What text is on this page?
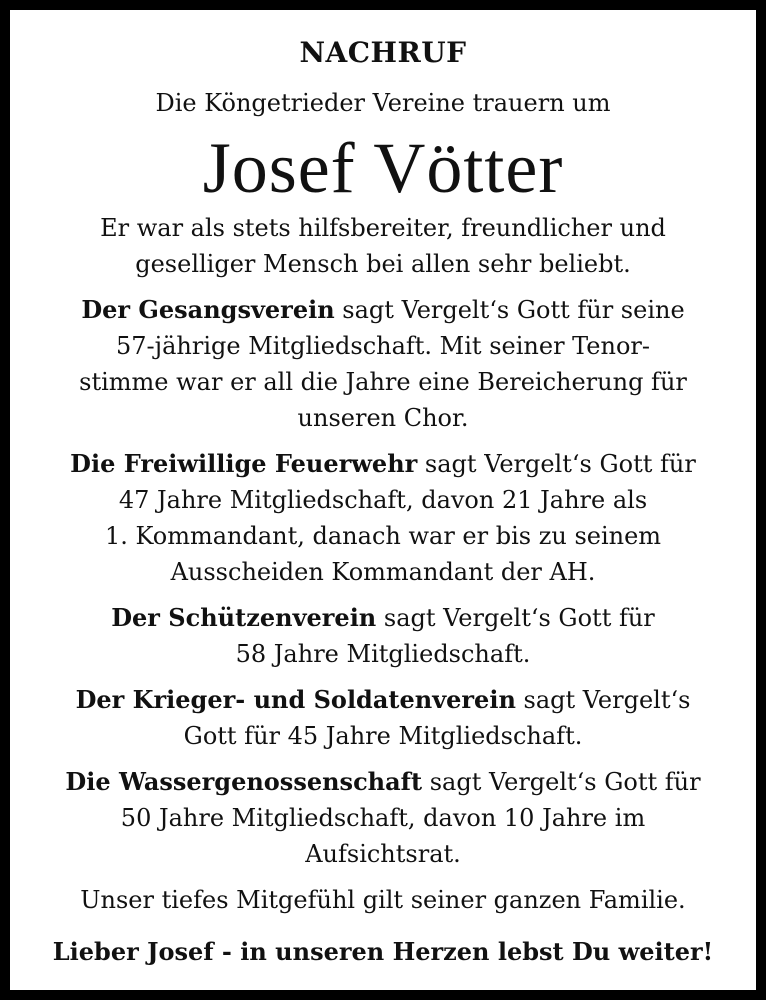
NACHRUF

Die Köngetrieder Vereine trauern um

Josef Vötter

Er war als stets hilfsbereiter, freundlicher und
geselliger Mensch bei allen sehr beliebt.

Der Gesangsverein sagt Vergelt‘s Gott für seine
57-jährige Mitgliedschaft. Mit seiner Tenor-
stimme war er all die Jahre eine Bereicherung für
unseren Chor.

Die Freiwillige Feuerwehr sagt Vergelt‘s Gott für
47 Jahre Mitgliedschaft, davon 21 Jahre als
1. Kommandant, danach war er bis zu seinem
Ausscheiden Kommandant der AH.

Der Schützenverein sagt Vergelt‘s Gott für
58 Jahre Mitgliedschaft.

Der Krieger- und Soldatenverein sagt Vergelt‘s
Gott für 45 Jahre Mitgliedschaft.

Die Wassergenossenschaft sagt Vergelt‘s Gott für
50 Jahre Mitgliedschaft, davon 10 Jahre im
Aufsichtsrat.

Unser tiefes Mitgefühl gilt seiner ganzen Familie.

Lieber Josef - in unseren Herzen lebst Du weiter!
